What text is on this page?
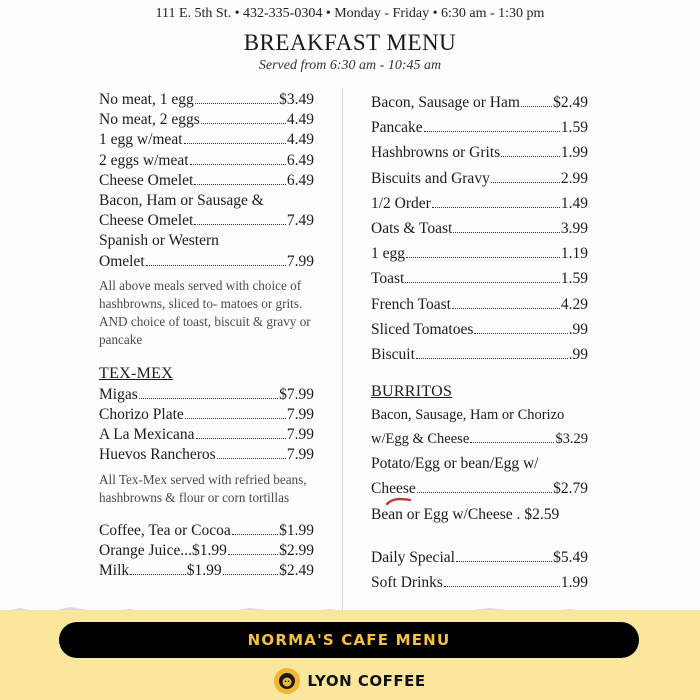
111 E. 5th St. • 432-335-0304 • Monday - Friday • 6:30 am - 1:30 pm
BREAKFAST MENU
Served from 6:30 am - 10:45 am
No meat, 1 egg	$3.49
No meat, 2 eggs	4.49
1 egg w/meat	4.49
2 eggs w/meat	6.49
Cheese Omelet	6.49
Bacon, Ham or Sausage &
Cheese Omelet	7.49
Spanish or Western
Omelet	7.99
All above meals served with choice of hashbrowns, sliced to- matoes or grits. AND choice of toast, biscuit & gravy or pancake
TEX-MEX
Migas	$7.99
Chorizo Plate	7.99
A La Mexicana	7.99
Huevos Rancheros	7.99
All Tex-Mex served with refried beans, hashbrowns & flour or corn tortillas
Coffee, Tea or Cocoa	$1.99
Orange Juice...$1.99	$2.99
Milk	$1.99	$2.49
Bacon, Sausage or Ham $2.49
Pancake	1.59
Hashbrowns or Grits	1.99
Biscuits and Gravy	2.99
1/2 Order	1.49
Oats & Toast	3.99
1 egg	1.19
Toast	1.59
French Toast	4.29
Sliced Tomatoes	.99
Biscuit	.99
BURRITOS
Bacon, Sausage, Ham or Chorizo
w/Egg & Cheese	$3.29
Potato/Egg or bean/Egg w/
Cheese	$2.79
Bean or Egg w/Cheese . $2.59
Daily Special	$5.49
Soft Drinks	1.99
NORMA'S CAFE MENU
LYON COFFEE
